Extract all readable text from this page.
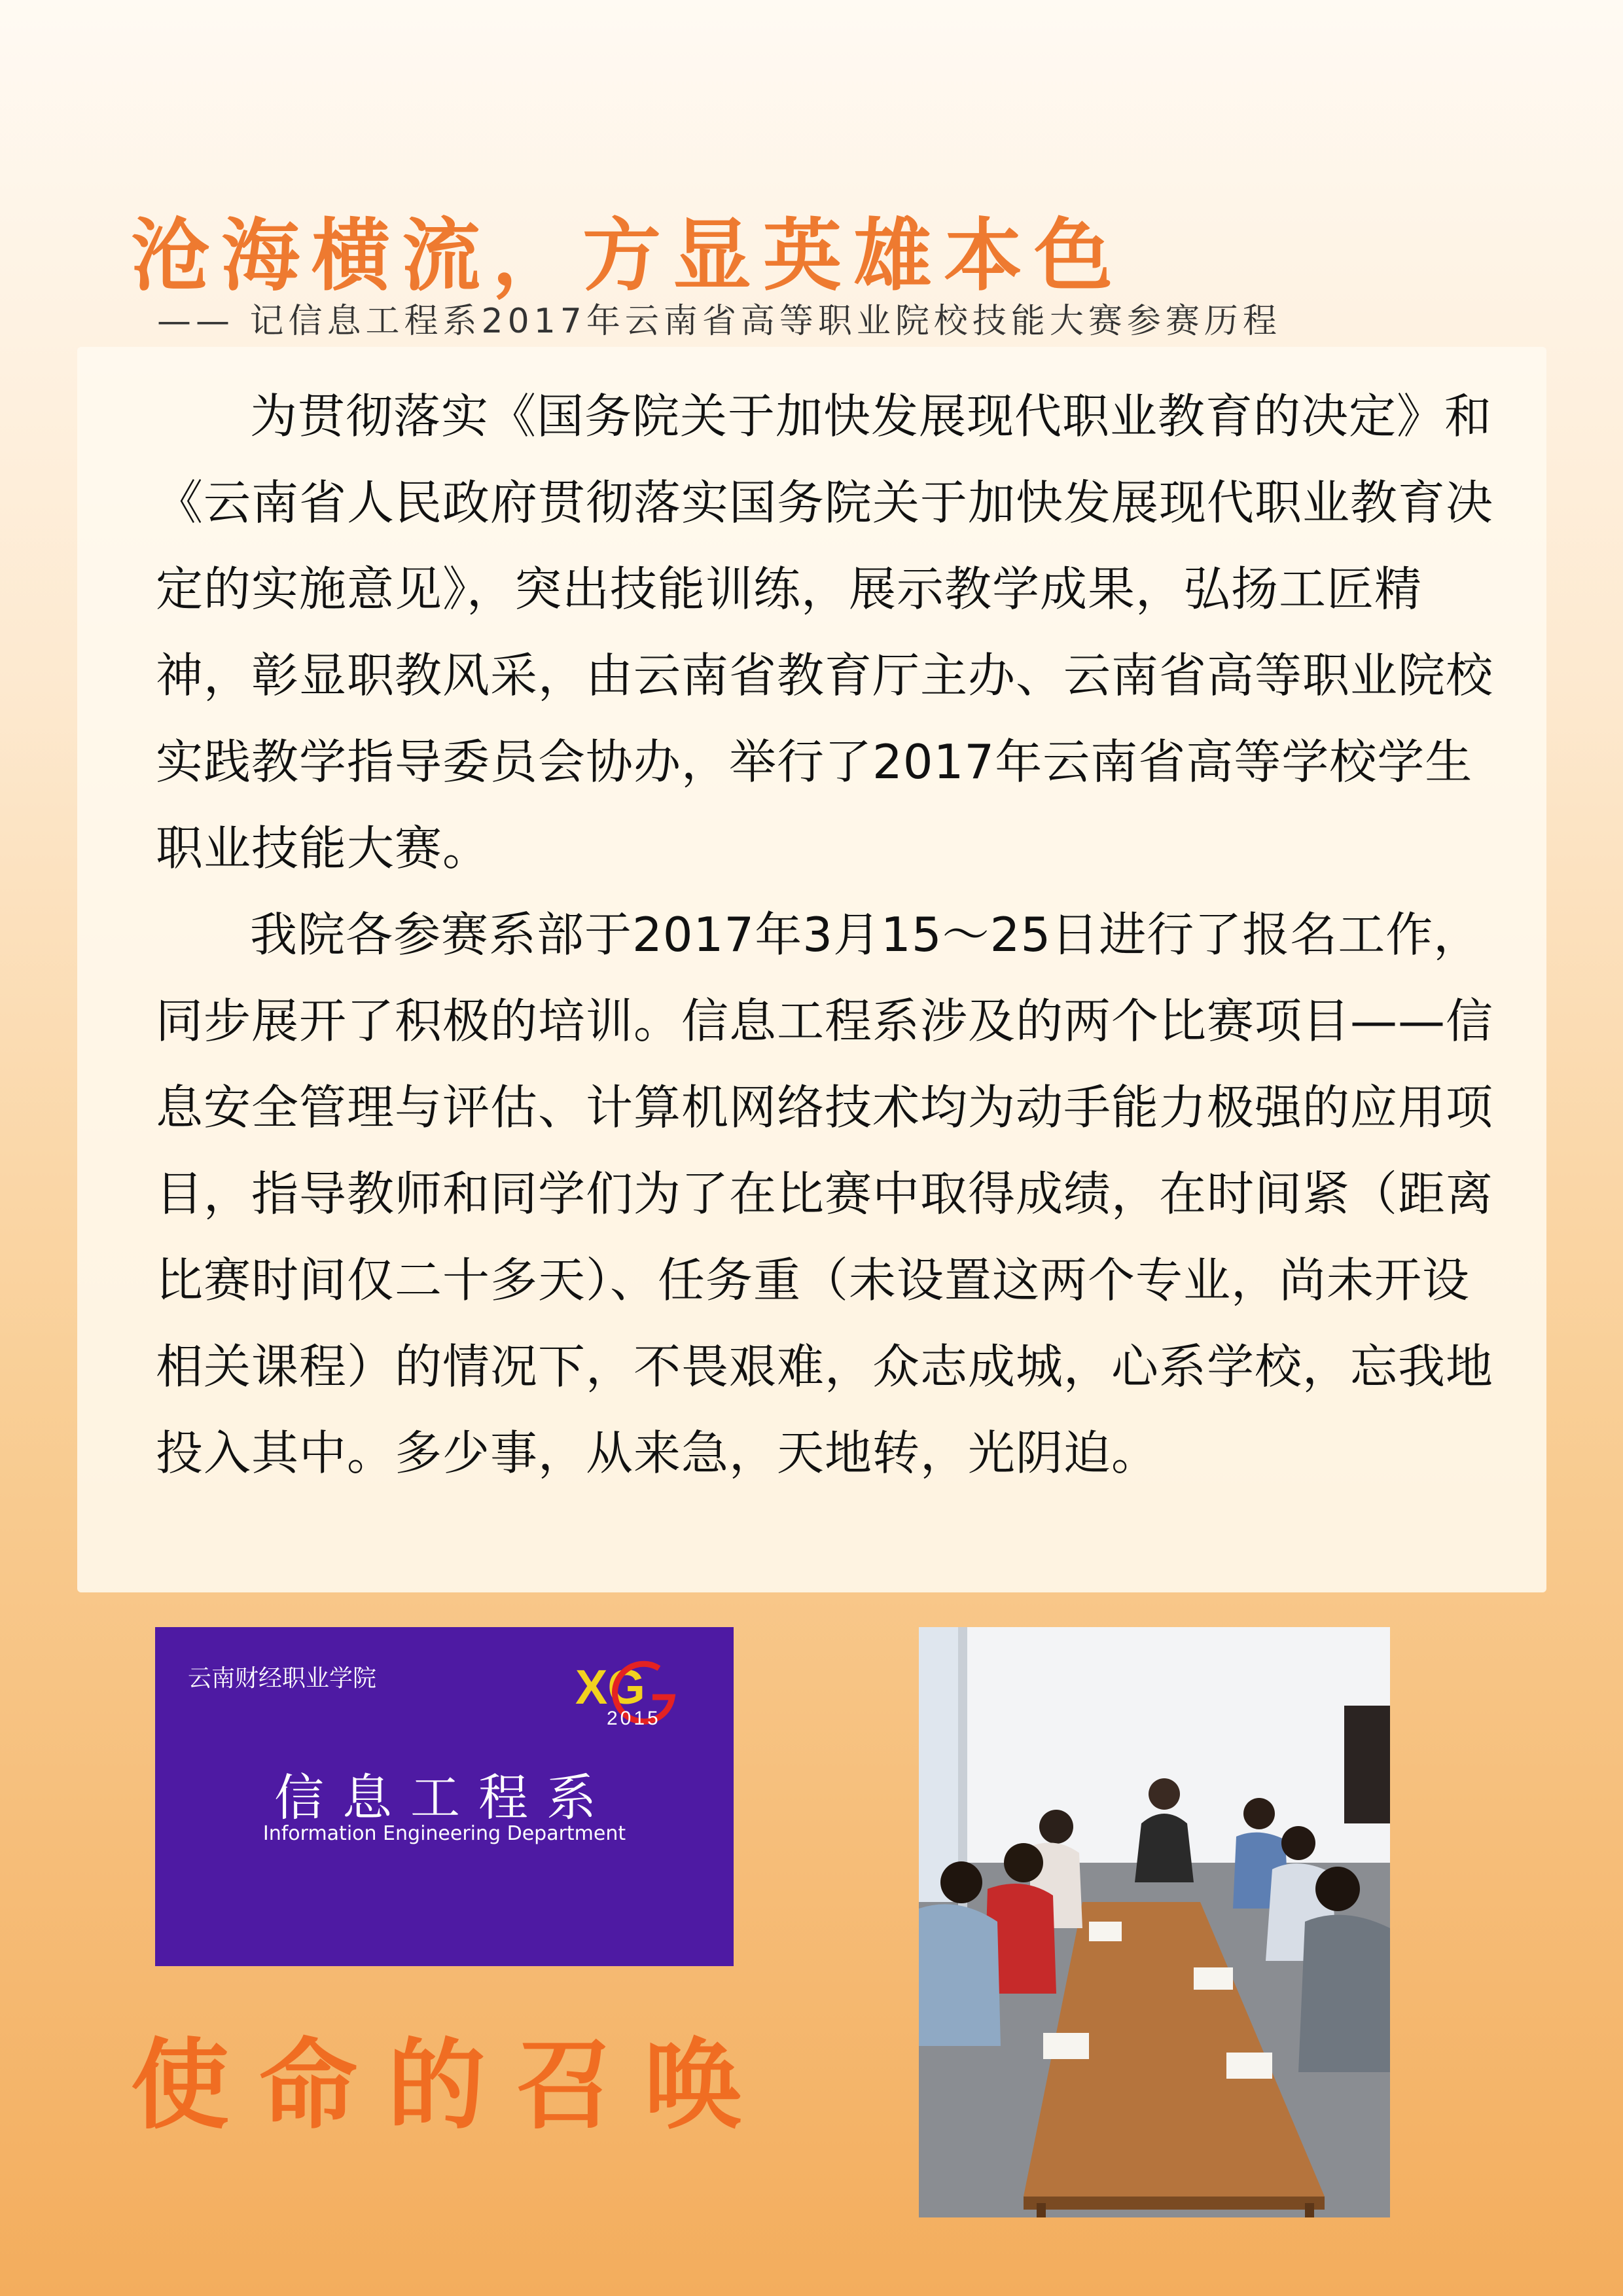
沧海横流，方显英雄本色
—— 记信息工程系2017年云南省高等职业院校技能大赛参赛历程

为贯彻落实《国务院关于加快发展现代职业教育的决定》和《云南省人民政府贯彻落实国务院关于加快发展现代职业教育决定的实施意见》，突出技能训练，展示教学成果，弘扬工匠精神，彰显职教风采，由云南省教育厅主办、云南省高等职业院校实践教学指导委员会协办，举行了2017年云南省高等学校学生职业技能大赛。

我院各参赛系部于2017年3月15～25日进行了报名工作，同步展开了积极的培训。信息工程系涉及的两个比赛项目——信息安全管理与评估、计算机网络技术均为动手能力极强的应用项目，指导教师和同学们为了在比赛中取得成绩，在时间紧（距离比赛时间仅二十多天）、任务重（未设置这两个专业，尚未开设相关课程）的情况下，不畏艰难，众志成城，心系学校，忘我地投入其中。多少事，从来急，天地转，光阴迫。

云南财经职业学院	XG
2015
信息工程系
Information Engineering Department
使命的召唤
